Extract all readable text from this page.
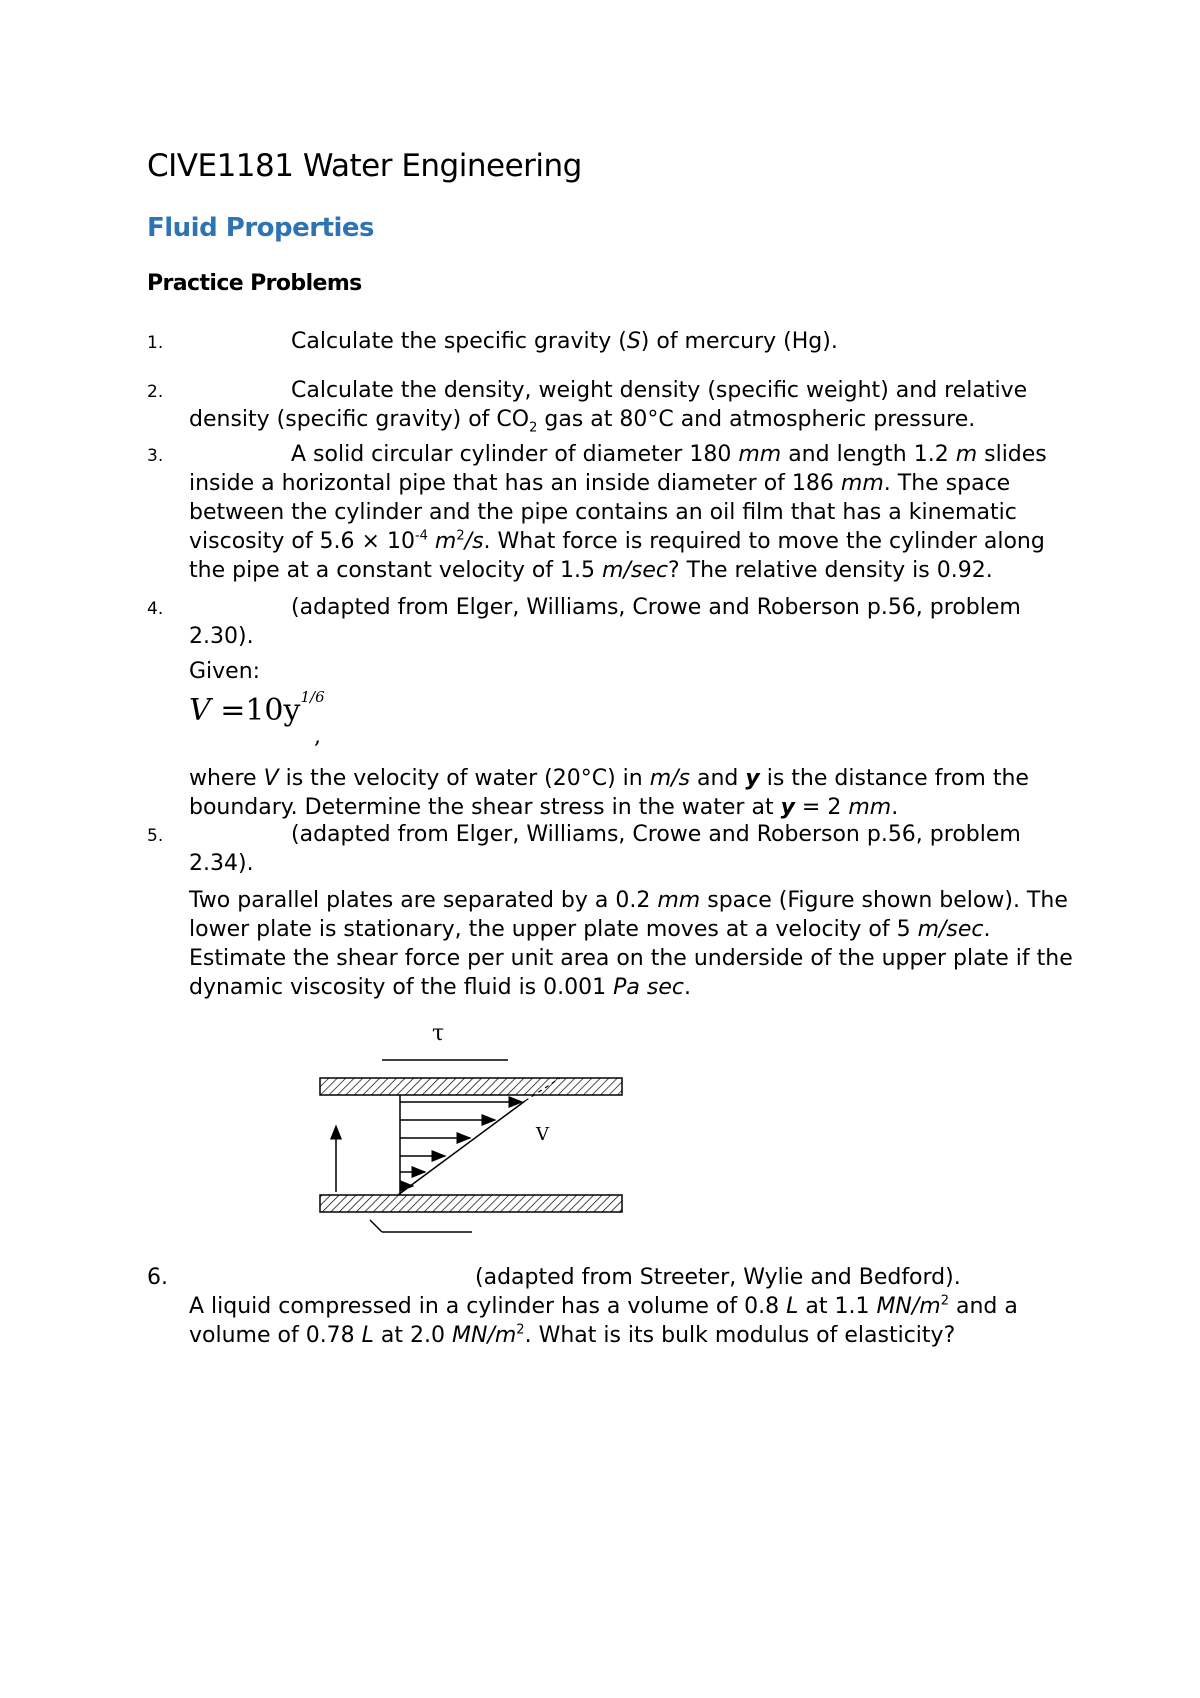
CIVE1181 Water Engineering
Fluid Properties
Practice Problems
1.	Calculate the specific gravity (S) of mercury (Hg).
2.	Calculate the density, weight density (specific weight) and relative
density (specific gravity) of $CO_2$ gas at 80°C and atmospheric pressure.
3.	A solid circular cylinder of diameter 180 mm and length 1.2 m slides
inside a horizontal pipe that has an inside diameter of 186 mm. The space
between the cylinder and the pipe contains an oil film that has a kinematic
viscosity of $5.6 \times 10^{-4}$ $m^2/s$. What force is required to move the cylinder along
the pipe at a constant velocity of 1.5 m/sec? The relative density is 0.92.
4.	(adapted from Elger, Williams, Crowe and Roberson p.56, problem
2.30).
Given:
$V =10y^{1/6}$
,
where V is the velocity of water (20°C) in m/s and y is the distance from the
boundary. Determine the shear stress in the water at y = 2 mm.
5.	(adapted from Elger, Williams, Crowe and Roberson p.56, problem
2.34).
Two parallel plates are separated by a 0.2 mm space (Figure shown below). The
lower plate is stationary, the upper plate moves at a velocity of 5 m/sec.
Estimate the shear force per unit area on the underside of the upper plate if the
dynamic viscosity of the fluid is 0.001 Pa sec.
τ
V
6.	(adapted from Streeter, Wylie and Bedford).
A liquid compressed in a cylinder has a volume of 0.8 L at 1.1 $MN/m^2$ and a
volume of 0.78 L at 2.0 $MN/m^2$. What is its bulk modulus of elasticity?
